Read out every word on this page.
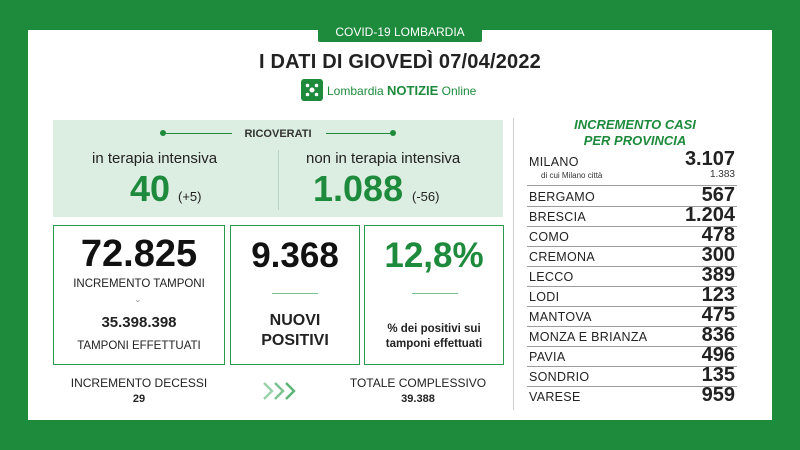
COVID-19 LOMBARDIA
I DATI DI GIOVEDÌ 07/04/2022
Lombardia NOTIZIE Online
RICOVERATI
in terapia intensiva
40 (+5)
non in terapia intensiva
1.088 (-56)
72.825
INCREMENTO TAMPONI
⌄
35.398.398
TAMPONI EFFETTUATI
9.368
NUOVI
POSITIVI
12,8%
% dei positivi sui
tamponi effettuati
INCREMENTO DECESSI
29
TOTALE COMPLESSIVO
39.388
INCREMENTO CASI
PER PROVINCIA
MILANO	3.107
di cui Milano città	1.383
BERGAMO	567
BRESCIA	1.204
COMO	478
CREMONA	300
LECCO	389
LODI	123
MANTOVA	475
MONZA E BRIANZA	836
PAVIA	496
SONDRIO	135
VARESE	959
